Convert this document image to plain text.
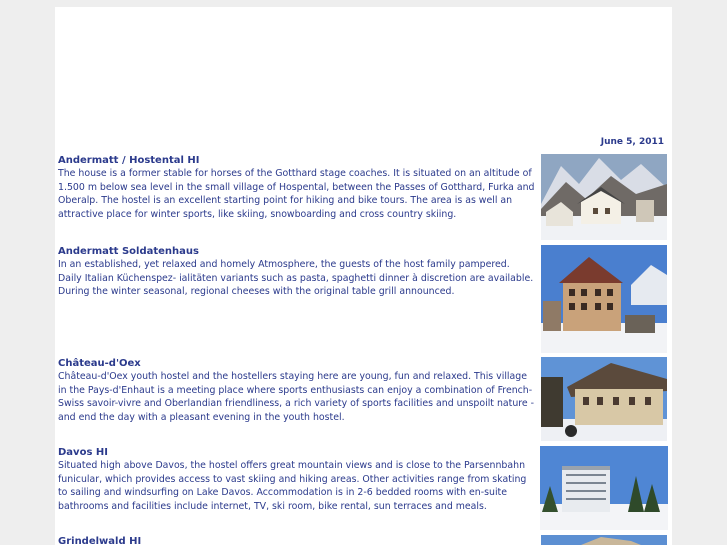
June 5, 2011

Andermatt / Hostental HI

The house is a former stable for horses of the Gotthard stage coaches. It is situated on an altitude of 1.500 m below sea level in the small village of Hospental, between the Passes of Gotthard, Furka and Oberalp. The hostel is an excellent starting point for hiking and bike tours. The area is as well an attractive place for winter sports, like skiing, snowboarding and cross country skiing.

Andermatt Soldatenhaus

In an established, yet relaxed and homely Atmosphere, the guests of the host family pampered. Daily Italian Küchenspez- ialitäten variants such as pasta, spaghetti dinner à discretion are available. During the winter seasonal, regional cheeses with the original table grill announced.

Château-d'Oex

Château-d'Oex youth hostel and the hostellers staying here are young, fun and relaxed. This village in the Pays-d'Enhaut is a meeting place where sports enthusiasts can enjoy a combination of French-Swiss savoir-vivre and Oberlandian friendliness, a rich variety of sports facilities and unspoilt nature - and end the day with a pleasant evening in the youth hostel.

Davos HI

Situated high above Davos, the hostel offers great mountain views and is close to the Parsennbahn funicular, which provides access to vast skiing and hiking areas. Other activities range from skating to sailing and windsurfing on Lake Davos. Accommodation is in 2-6 bedded rooms with en-suite bathrooms and facilities include internet, TV, ski room, bike rental, sun terraces and meals.

Grindelwald HI
